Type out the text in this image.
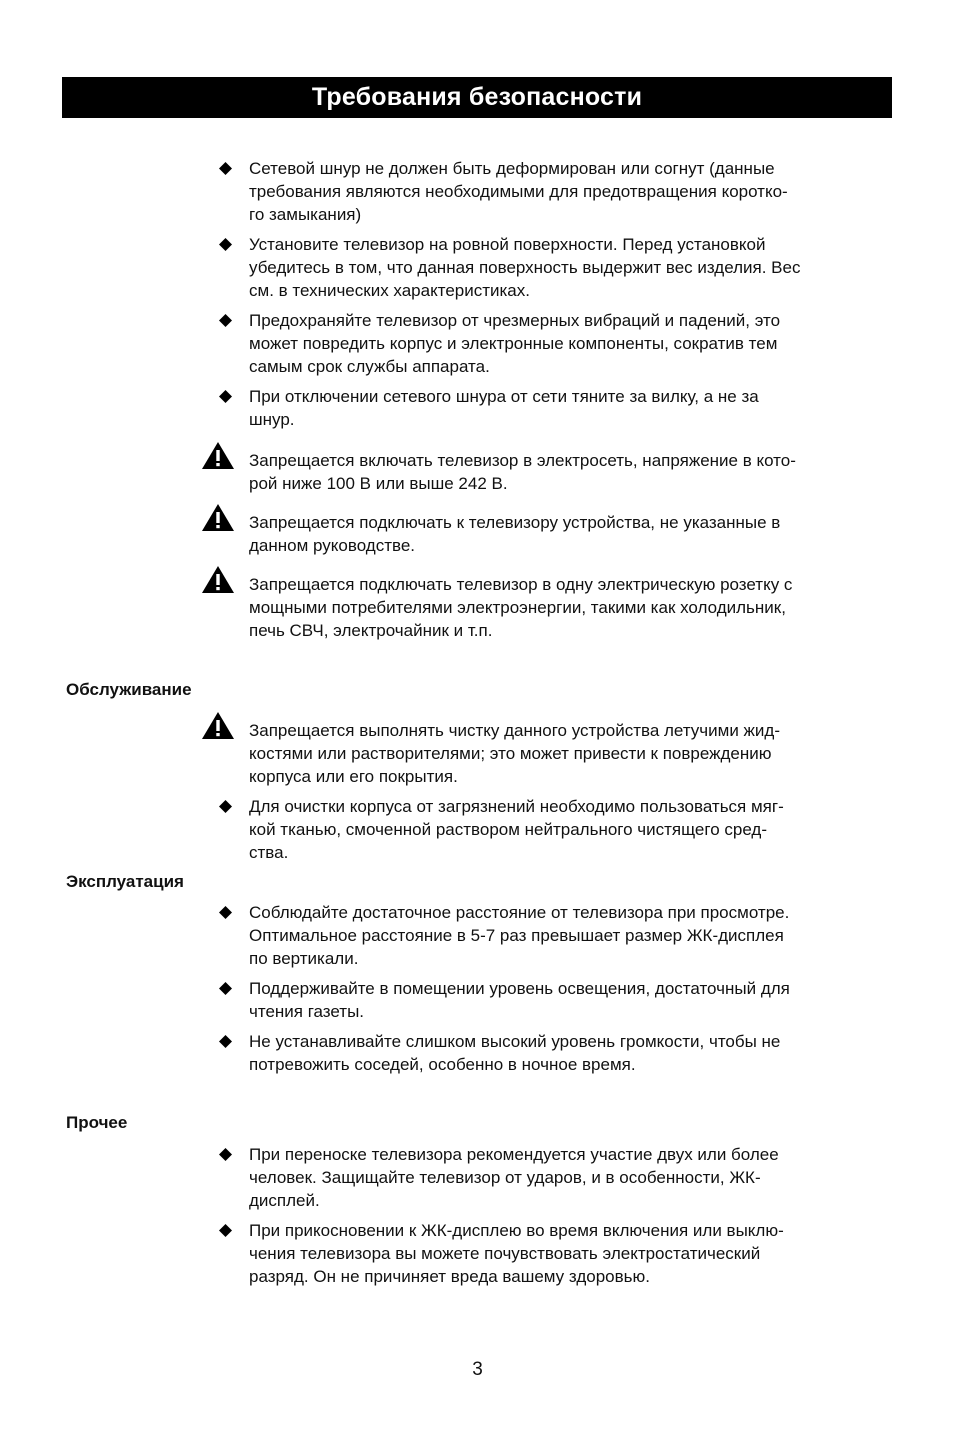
Требования безопасности
Сетевой шнур не должен быть деформирован или согнут (данные
требования являются необходимыми для предотвращения коротко-
го замыкания)
Установите телевизор на ровной поверхности. Перед установкой
убедитесь в том, что данная поверхность выдержит вес изделия. Вес
см. в технических характеристиках.
Предохраняйте телевизор от чрезмерных вибраций и падений, это
может повредить корпус и электронные компоненты, сократив тем
самым срок службы аппарата.
При отключении сетевого шнура от сети тяните за вилку, а не за
шнур.
Запрещается включать телевизор в электросеть, напряжение в кото-
рой ниже 100 В или выше 242 В.
Запрещается подключать к телевизору устройства, не указанные в
данном руководстве.
Запрещается подключать телевизор в одну электрическую розетку с
мощными потребителями электроэнергии, такими как холодильник,
печь СВЧ, электрочайник и т.п.
Обслуживание
Запрещается выполнять чистку данного устройства летучими жид-
костями или растворителями; это может привести к повреждению
корпуса или его покрытия.
Для очистки корпуса от загрязнений необходимо пользоваться мяг-
кой тканью, смоченной раствором нейтрального чистящего сред-
ства.
Эксплуатация
Соблюдайте достаточное расстояние от телевизора при просмотре.
Оптимальное расстояние в 5-7 раз превышает размер ЖК-дисплея
по вертикали.
Поддерживайте в помещении уровень освещения, достаточный для
чтения газеты.
Не устанавливайте слишком высокий уровень громкости, чтобы не
потревожить соседей, особенно в ночное время.
Прочее
При переноске телевизора рекомендуется участие двух или более
человек. Защищайте телевизор от ударов, и в особенности, ЖК-
дисплей.
При прикосновении к ЖК-дисплею во время включения или выклю-
чения телевизора вы можете почувствовать электростатический
разряд. Он не причиняет вреда вашему здоровью.
3
